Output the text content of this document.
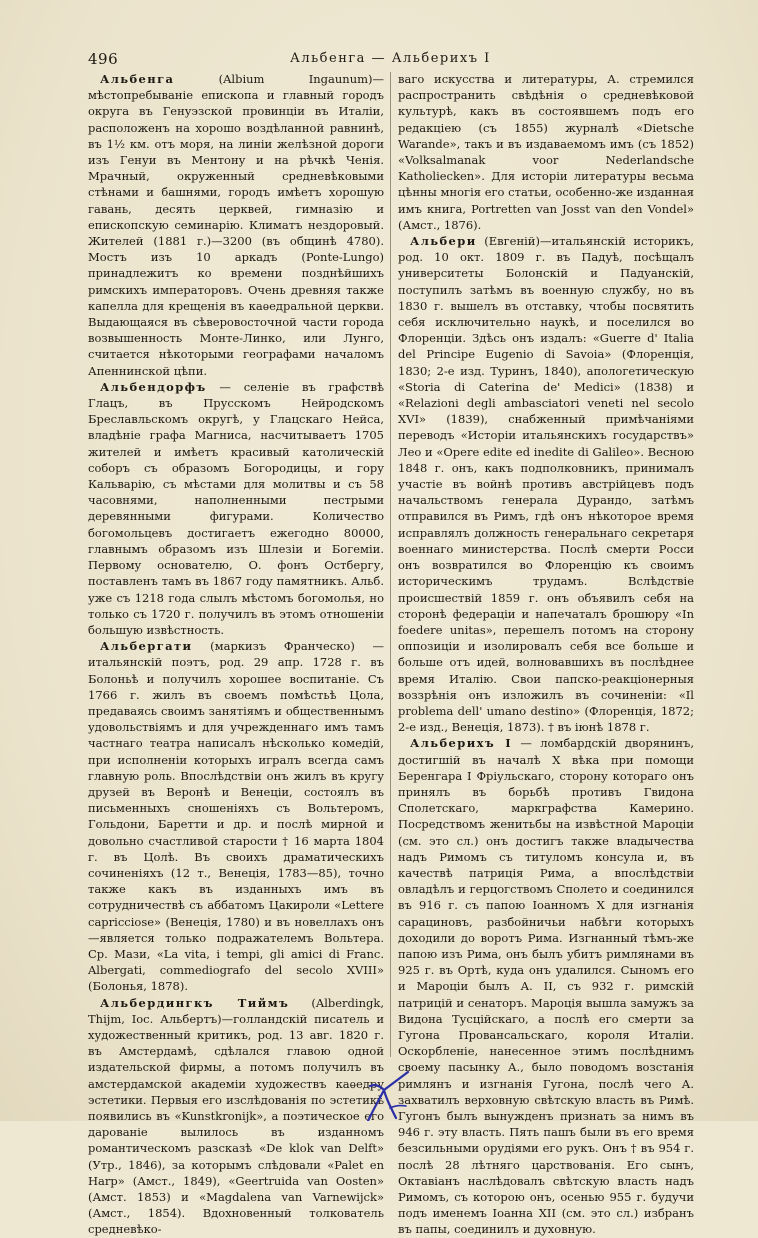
496	Альбенга — Альберихъ I

Альбенга (Albium Ingaunum)—мѣстопребываніе епископа и главный городъ округа въ Генуэзской провинціи въ Италіи, расположенъ на хорошо воздѣланной равнинѣ, въ 1½ км. отъ моря, на линіи желѣзной дороги изъ Генуи въ Ментону и на рѣчкѣ Ченія. Мрачный, окруженный средневѣковыми стѣнами и башнями, городъ имѣетъ хорошую гавань, десять церквей, гимназію и епископскую семинарію. Климатъ нездоровый. Жителей (1881 г.)—3200 (въ общинѣ 4780). Мостъ изъ 10 аркадъ (Ponte-Lungo) принадлежитъ ко времени позднѣйшихъ римскихъ императоровъ. Очень древняя также капелла для крещенія въ каѳедральной церкви. Выдающаяся въ сѣверовосточной части города возвышенность Монте-Линко, или Лунго, считается нѣкоторыми географами началомъ Апеннинской цѣпи.

Альбендорфъ — селеніе въ графствѣ Глацъ, въ Прусскомъ Нейродскомъ Бреславльскомъ округѣ, у Глацскаго Нейса, владѣніе графа Магниса, насчитываетъ 1705 жителей и имѣетъ красивый католическій соборъ съ образомъ Богородицы, и гору Кальварію, съ мѣстами для молитвы и съ 58 часовнями, наполненными пестрыми деревянными фигурами. Количество богомольцевъ достигаетъ ежегодно 80000, главнымъ образомъ изъ Шлезіи и Богеміи. Первому основателю, О. фонъ Остбергу, поставленъ тамъ въ 1867 году памятникъ. Альб. уже съ 1218 года слылъ мѣстомъ богомолья, но только съ 1720 г. получилъ въ этомъ отношеніи большую извѣстность.

Альбергати (маркизъ Франческо) — итальянскій поэтъ, род. 29 апр. 1728 г. въ Болоньѣ и получилъ хорошее воспитаніе. Съ 1766 г. жилъ въ своемъ помѣстьѣ Цола, предаваясь своимъ занятіямъ и общественнымъ удовольствіямъ и для учрежденнаго имъ тамъ частнаго театра написалъ нѣсколько комедій, при исполненіи которыхъ игралъ всегда самъ главную роль. Впослѣдствіи онъ жилъ въ кругу друзей въ Веронѣ и Венеціи, состоялъ въ письменныхъ сношеніяхъ съ Вольтеромъ, Гольдони, Баретти и др. и послѣ мирной и довольно счастливой старости † 16 марта 1804 г. въ Цолѣ. Въ своихъ драматическихъ сочиненіяхъ (12 т., Венеція, 1783—85), точно также какъ въ изданныхъ имъ въ сотрудничествѣ съ аббатомъ Цакироли «Lettere capricciose» (Венеція, 1780) и въ новеллахъ онъ—является только подражателемъ Вольтера. Ср. Мази, «La vita, i tempi, gli amici di Franc. Albergati, commediografo del secolo XVIII» (Болонья, 1878).

Альбердингкъ Тиймъ (Alberdingk, Thijm, Іос. Альбертъ)—голландскій писатель и художественный критикъ, род. 13 авг. 1820 г. въ Амстердамѣ, сдѣлался главою одной издательской фирмы, а потомъ получилъ въ амстердамской академіи художествъ каѳедру эстетики. Первыя его изслѣдованія по эстетикѣ появились въ «Kunstkronijk», а поэтическое его дарованіе вылилось въ изданномъ романтическомъ разсказѣ «De klok van Delft» (Утр., 1846), за которымъ слѣдовали «Palet en Harp» (Амст., 1849), «Geertruida van Oosten» (Амст. 1853) и «Magdalena van Varnewijck» (Амст., 1854). Вдохновенный толкователь средневѣко-

ваго искусства и литературы, А. стремился распространить свѣдѣнія о средневѣковой культурѣ, какъ въ состоявшемъ подъ его редакціею (съ 1855) журналѣ «Dietsche Warande», такъ и въ издаваемомъ имъ (съ 1852) «Volksalmanak voor Nederlandsche Katholiecken». Для исторіи литературы весьма цѣнны многія его статьи, особенно-же изданная имъ книга, Portretten van Josst van den Vondel» (Амст., 1876).

Альбери (Евгеній)—итальянскій историкъ, род. 10 окт. 1809 г. въ Падуѣ, посѣщалъ университеты Болонскій и Падуанскій, поступилъ затѣмъ въ военную службу, но въ 1830 г. вышелъ въ отставку, чтобы посвятить себя исключительно наукѣ, и поселился во Флоренціи. Здѣсь онъ издалъ: «Guerre d' Italia del Principe Eugenio di Savoia» (Флоренція, 1830; 2-е изд. Туринъ, 1840), апологетическую «Storia di Caterina de' Medici» (1838) и «Relazioni degli ambasciatori veneti nel secolo XVI» (1839), снабженный примѣчаніями переводъ «Исторіи итальянскихъ государствъ» Лео и «Opere edite ed inedite di Galileo». Весною 1848 г. онъ, какъ подполковникъ, принималъ участіе въ войнѣ противъ австрійцевъ подъ начальствомъ генерала Дурандо, затѣмъ отправился въ Римъ, гдѣ онъ нѣкоторое время исправлялъ должность генеральнаго секретаря военнаго министерства. Послѣ смерти Росси онъ возвратился во Флоренцію къ своимъ историческимъ трудамъ. Вслѣдствіе происшествій 1859 г. онъ объявилъ себя на сторонѣ федераціи и напечаталъ брошюру «In foedere unitas», перешелъ потомъ на сторону оппозиціи и изолировалъ себя все больше и больше отъ идей, волновавшихъ въ послѣднее время Италію. Свои папско-реакціонерныя воззрѣнія онъ изложилъ въ сочиненіи: «Il problema dell' umano destino» (Флоренція, 1872; 2-е изд., Венеція, 1873). † въ іюнѣ 1878 г.

Альберихъ I — ломбардскій дворянинъ, достигшій въ началѣ X вѣка при помощи Беренгара I Фріульскаго, сторону котораго онъ принялъ въ борьбѣ противъ Гвидона Сполетскаго, маркграфства Камерино. Посредствомъ женитьбы на извѣстной Мароціи (см. это сл.) онъ достигъ также владычества надъ Римомъ съ титуломъ консула и, въ качествѣ патриція Рима, а впослѣдствіи овладѣлъ и герцогствомъ Сполето и соединился въ 916 г. съ папою Іоанномъ X для изгнанія сарациновъ, разбойничьи набѣги которыхъ доходили до воротъ Рима. Изгнанный тѣмъ-же папою изъ Рима, онъ былъ убитъ римлянами въ 925 г. въ Ортѣ, куда онъ удалился. Сыномъ его и Мароціи былъ А. II, съ 932 г. римскій патрицій и сенаторъ. Мароція вышла замужъ за Видона Тусційскаго, а послѣ его смерти за Гугона Провансальскаго, короля Италіи. Оскорбленіе, нанесенное этимъ послѣднимъ своему пасынку А., было поводомъ возстанія римлянъ и изгнанія Гугона, послѣ чего А. захватилъ верховную свѣтскую власть въ Римѣ. Гугонъ былъ вынужденъ признать за нимъ въ 946 г. эту власть. Пять пашъ были въ его время безсильными орудіями его рукъ. Онъ † въ 954 г. послѣ 28 лѣтняго царствованія. Его сынъ, Октавіанъ наслѣдовалъ свѣтскую власть надъ Римомъ, съ которою онъ, осенью 955 г. будучи подъ именемъ Іоанна XII (см. это сл.) избранъ въ папы, соединилъ и духовную.
